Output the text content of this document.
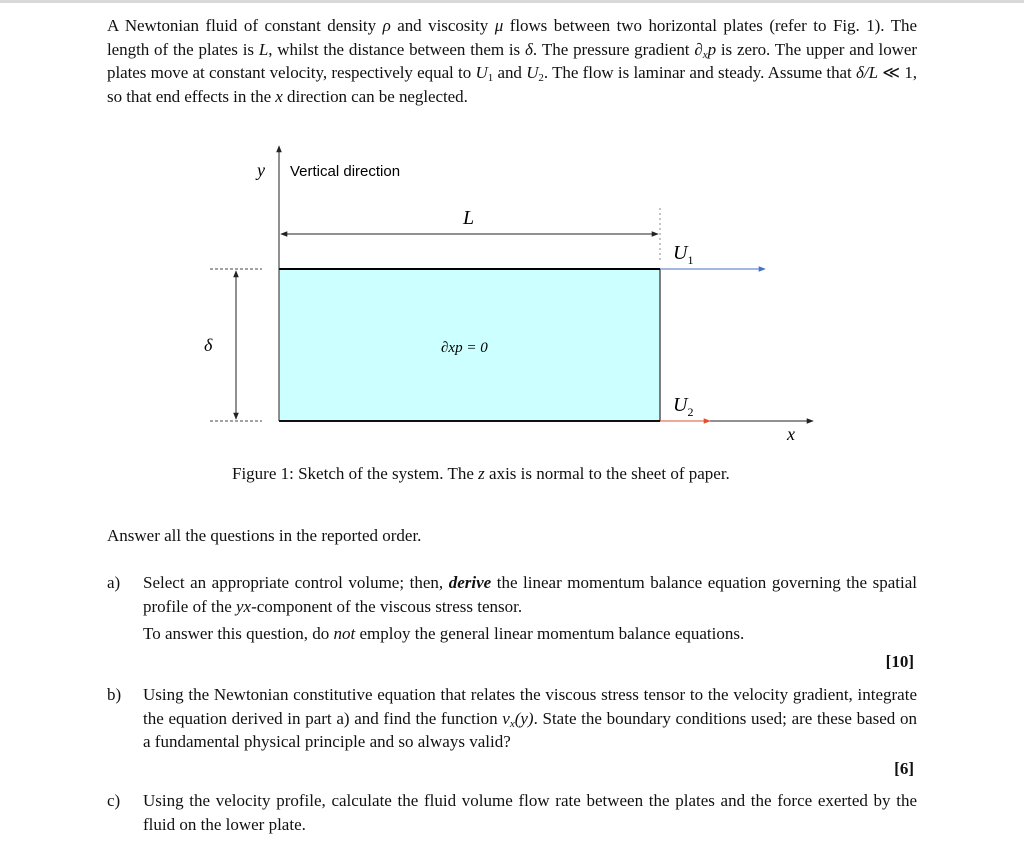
A Newtonian fluid of constant density ρ and viscosity μ flows between two horizontal plates (refer to Fig. 1). The length of the plates is L, whilst the distance between them is δ. The pressure gradient $\partial_xp$ is zero. The upper and lower plates move at constant velocity, respectively equal to $U_1$ and $U_2$. The flow is laminar and steady. Assume that δ/L ≪ 1, so that end effects in the x direction can be neglected.
y Vertical direction
L
$U_1$
δ	∂xp = 0
$U_2$
x
Figure 1: Sketch of the system. The z axis is normal to the sheet of paper.
Answer all the questions in the reported order.
a) Select an appropriate control volume; then, derive the linear momentum balance equation governing the spatial profile of the yx-component of the viscous stress tensor.
To answer this question, do not employ the general linear momentum balance equations.
[10]
b) Using the Newtonian constitutive equation that relates the viscous stress tensor to the velocity gradient, integrate the equation derived in part a) and find the function $v_x(y)$. State the boundary conditions used; are these based on a fundamental physical principle and so always valid?
[6]
c) Using the velocity profile, calculate the fluid volume flow rate between the plates and the force exerted by the fluid on the lower plate.
